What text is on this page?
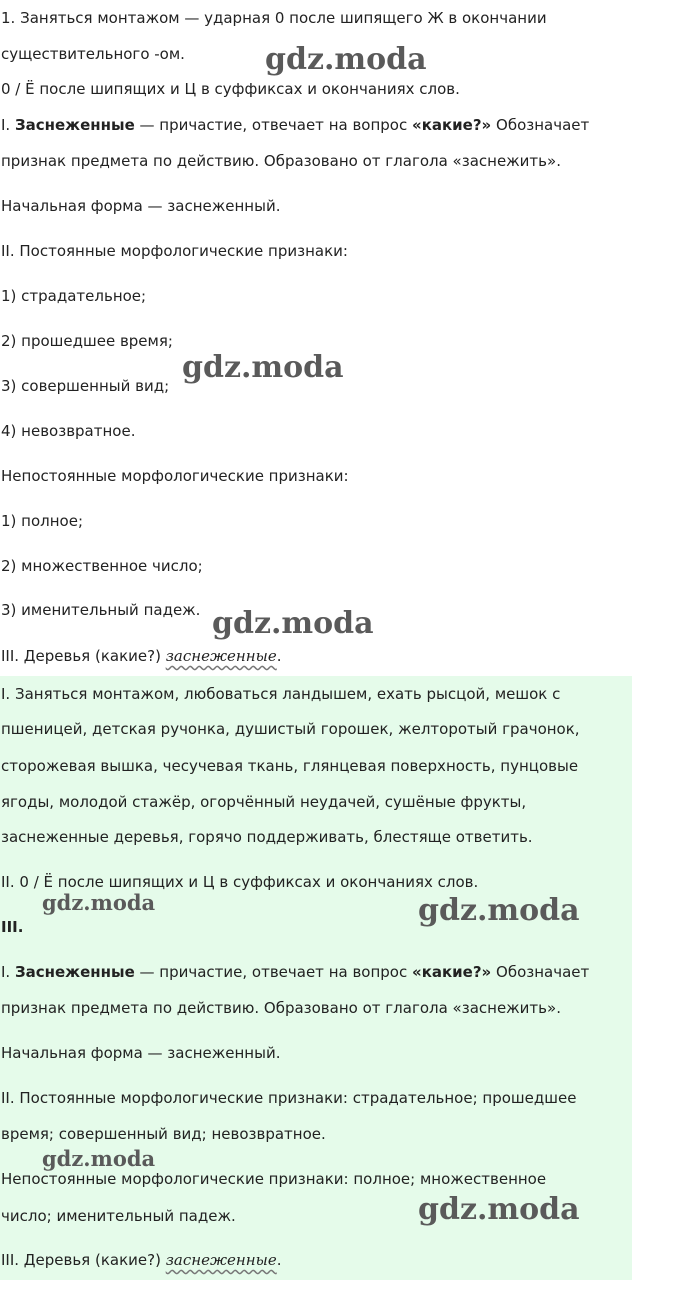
1. Заняться монтажом — ударная 0 после шипящего Ж в окончании
существительного -ом.
0 / Ё после шипящих и Ц в суффиксах и окончаниях слов.
I. Заснеженные — причастие, отвечает на вопрос «какие?» Обозначает
признак предмета по действию. Образовано от глагола «заснежить».
Начальная форма — заснеженный.
II. Постоянные морфологические признаки:
1) страдательное;
2) прошедшее время;
3) совершенный вид;
4) невозвратное.
Непостоянные морфологические признаки:
1) полное;
2) множественное число;
3) именительный падеж.
III. Деревья (какие?) заснеженные.
I. Заняться монтажом, любоваться ландышем, ехать рысцой, мешок с
пшеницей, детская ручонка, душистый горошек, желторотый грачонок,
сторожевая вышка, чесучевая ткань, глянцевая поверхность, пунцовые
ягоды, молодой стажёр, огорчённый неудачей, сушёные фрукты,
заснеженные деревья, горячо поддерживать, блестяще ответить.
II. 0 / Ё после шипящих и Ц в суффиксах и окончаниях слов.
III.
I. Заснеженные — причастие, отвечает на вопрос «какие?» Обозначает
признак предмета по действию. Образовано от глагола «заснежить».
Начальная форма — заснеженный.
II. Постоянные морфологические признаки: страдательное; прошедшее
время; совершенный вид; невозвратное.
Непостоянные морфологические признаки: полное; множественное
число; именительный падеж.
III. Деревья (какие?) заснеженные.
gdz.moda
gdz.moda
gdz.moda
gdz.moda	gdz.moda
gdz.moda
gdz.moda
